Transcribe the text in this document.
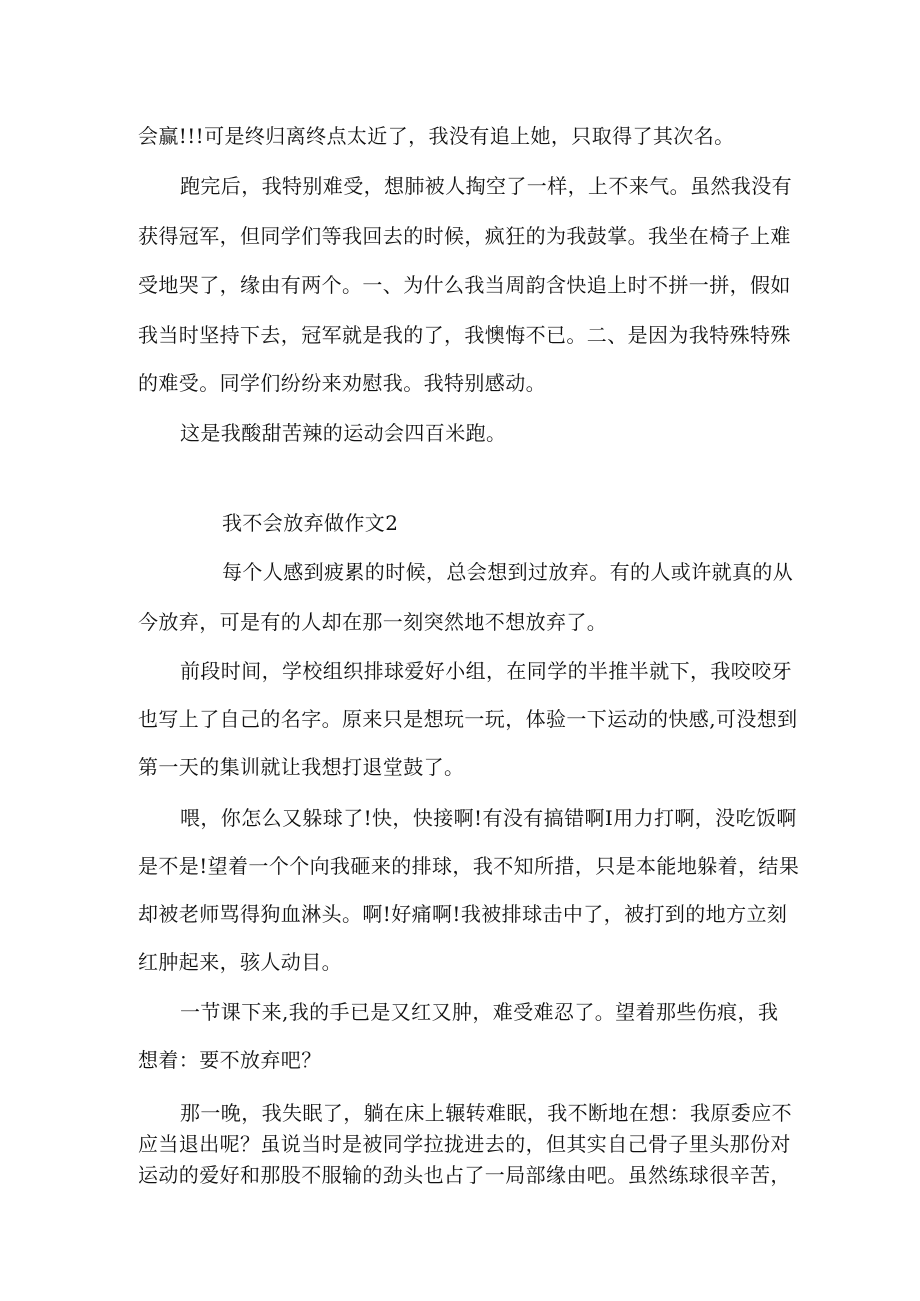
会赢!!!可是终归离终点太近了，我没有追上她，只取得了其次名。
跑完后，我特别难受，想肺被人掏空了一样，上不来气。虽然我没有
获得冠军，但同学们等我回去的时候，疯狂的为我鼓掌。我坐在椅子上难
受地哭了，缘由有两个。一、为什么我当周韵含快追上时不拼一拼，假如
我当时坚持下去，冠军就是我的了，我懊悔不已。二、是因为我特殊特殊
的难受。同学们纷纷来劝慰我。我特别感动。
这是我酸甜苦辣的运动会四百米跑。
我不会放弃做作文2
每个人感到疲累的时候，总会想到过放弃。有的人或许就真的从
今放弃，可是有的人却在那一刻突然地不想放弃了。
前段时间，学校组织排球爱好小组，在同学的半推半就下，我咬咬牙
也写上了自己的名字。原来只是想玩一玩，体验一下运动的快感,可没想到
第一天的集训就让我想打退堂鼓了。
喂，你怎么又躲球了!快，快接啊!有没有搞错啊I用力打啊，没吃饭啊
是不是!望着一个个向我砸来的排球，我不知所措，只是本能地躲着，结果
却被老师骂得狗血淋头。啊!好痛啊!我被排球击中了，被打到的地方立刻
红肿起来，骇人动目。
一节课下来,我的手已是又红又肿，难受难忍了。望着那些伤痕，我
想着：要不放弃吧？
那一晚，我失眠了，躺在床上辗转难眠，我不断地在想：我原委应不
应当退出呢？虽说当时是被同学拉拢进去的，但其实自己骨子里头那份对
运动的爱好和那股不服输的劲头也占了一局部缘由吧。虽然练球很辛苦，
